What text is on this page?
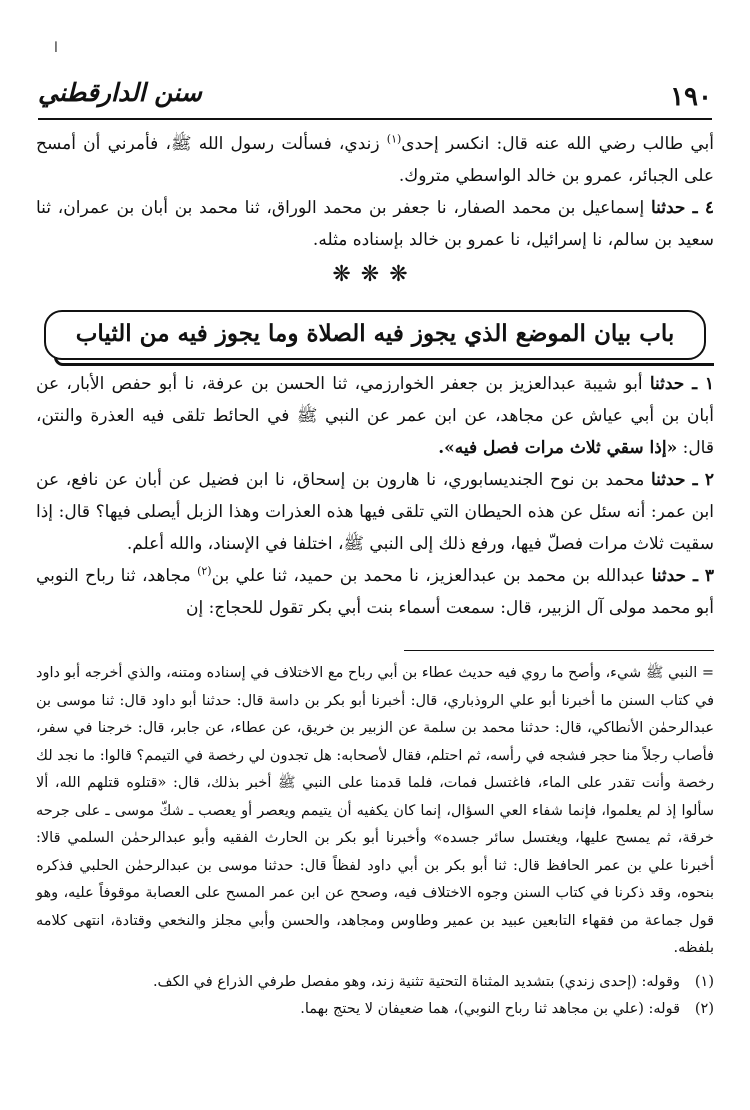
ا
١٩٠
سنن الدارقطني

أبي طالب رضي الله عنه قال: انكسر إحدى$^{(١)}$ زندي، فسألت رسول الله ﷺ، فأمرني أن أمسح على الجبائر، عمرو بن خالد الواسطي متروك.

٤ ـ حدثنا إسماعيل بن محمد الصفار، نا جعفر بن محمد الوراق، ثنا محمد بن أبان بن عمران، ثنا سعيد بن سالم، نا إسرائيل، نا عمرو بن خالد بإسناده مثله.

❋❋❋
باب بيان الموضع الذي يجوز فيه الصلاة وما يجوز فيه من الثياب

١ ـ حدثنا أبو شيبة عبدالعزيز بن جعفر الخوارزمي، ثنا الحسن بن عرفة، نا أبو حفص الأبار، عن أبان بن أبي عياش عن مجاهد، عن ابن عمر عن النبي ﷺ في الحائط تلقى فيه العذرة والنتن، قال: «إذا سقي ثلاث مرات فصل فيه».

٢ ـ حدثنا محمد بن نوح الجنديسابوري، نا هارون بن إسحاق، نا ابن فضيل عن أبان عن نافع، عن ابن عمر: أنه سئل عن هذه الحيطان التي تلقى فيها هذه العذرات وهذا الزبل أيصلى فيها؟ قال: إذا سقيت ثلاث مرات فصلّ فيها، ورفع ذلك إلى النبي ﷺ، اختلفا في الإسناد، والله أعلم.

٣ ـ حدثنا عبدالله بن محمد بن عبدالعزيز، نا محمد بن حميد، ثنا علي بن$^{(٢)}$ مجاهد، ثنا رباح النوبي أبو محمد مولى آل الزبير، قال: سمعت أسماء بنت أبي بكر تقول للحجاج: إن

= النبي ﷺ شيء، وأصح ما روي فيه حديث عطاء بن أبي رباح مع الاختلاف في إسناده ومتنه، والذي أخرجه أبو داود في كتاب السنن ما أخبرنا أبو علي الروذباري، قال: أخبرنا أبو بكر بن داسة قال: حدثنا أبو داود قال: ثنا موسى بن عبدالرحمٰن الأنطاكي، قال: حدثنا محمد بن سلمة عن الزبير بن خريق، عن عطاء، عن جابر، قال: خرجنا في سفر، فأصاب رجلاً منا حجر فشجه في رأسه، ثم احتلم، فقال لأصحابه: هل تجدون لي رخصة في التيمم؟ قالوا: ما نجد لك رخصة وأنت تقدر على الماء، فاغتسل فمات، فلما قدمنا على النبي ﷺ أخبر بذلك، قال: «قتلوه قتلهم الله، ألا سألوا إذ لم يعلموا، فإنما شفاء العي السؤال، إنما كان يكفيه أن يتيمم ويعصر أو يعصب ـ شكّ موسى ـ على جرحه خرقة، ثم يمسح عليها، ويغتسل سائر جسده» وأخبرنا أبو بكر بن الحارث الفقيه وأبو عبدالرحمٰن السلمي قالا: أخبرنا علي بن عمر الحافظ قال: ثنا أبو بكر بن أبي داود لفظاً قال: حدثنا موسى بن عبدالرحمٰن الحلبي فذكره بنحوه، وقد ذكرنا في كتاب السنن وجوه الاختلاف فيه، وصحح عن ابن عمر المسح على العصابة موقوفاً عليه، وهو قول جماعة من فقهاء التابعين عبيد بن عمير وطاوس ومجاهد، والحسن وأبي مجلز والنخعي وقتادة، انتهى كلامه بلفظه.

(١)
وقوله: (إحدى زندي) بتشديد المثناة التحتية تثنية زند، وهو مفصل طرفي الذراع في الكف.
(٢)
قوله: (علي بن مجاهد ثنا رباح النوبي)، هما ضعيفان لا يحتج بهما.
